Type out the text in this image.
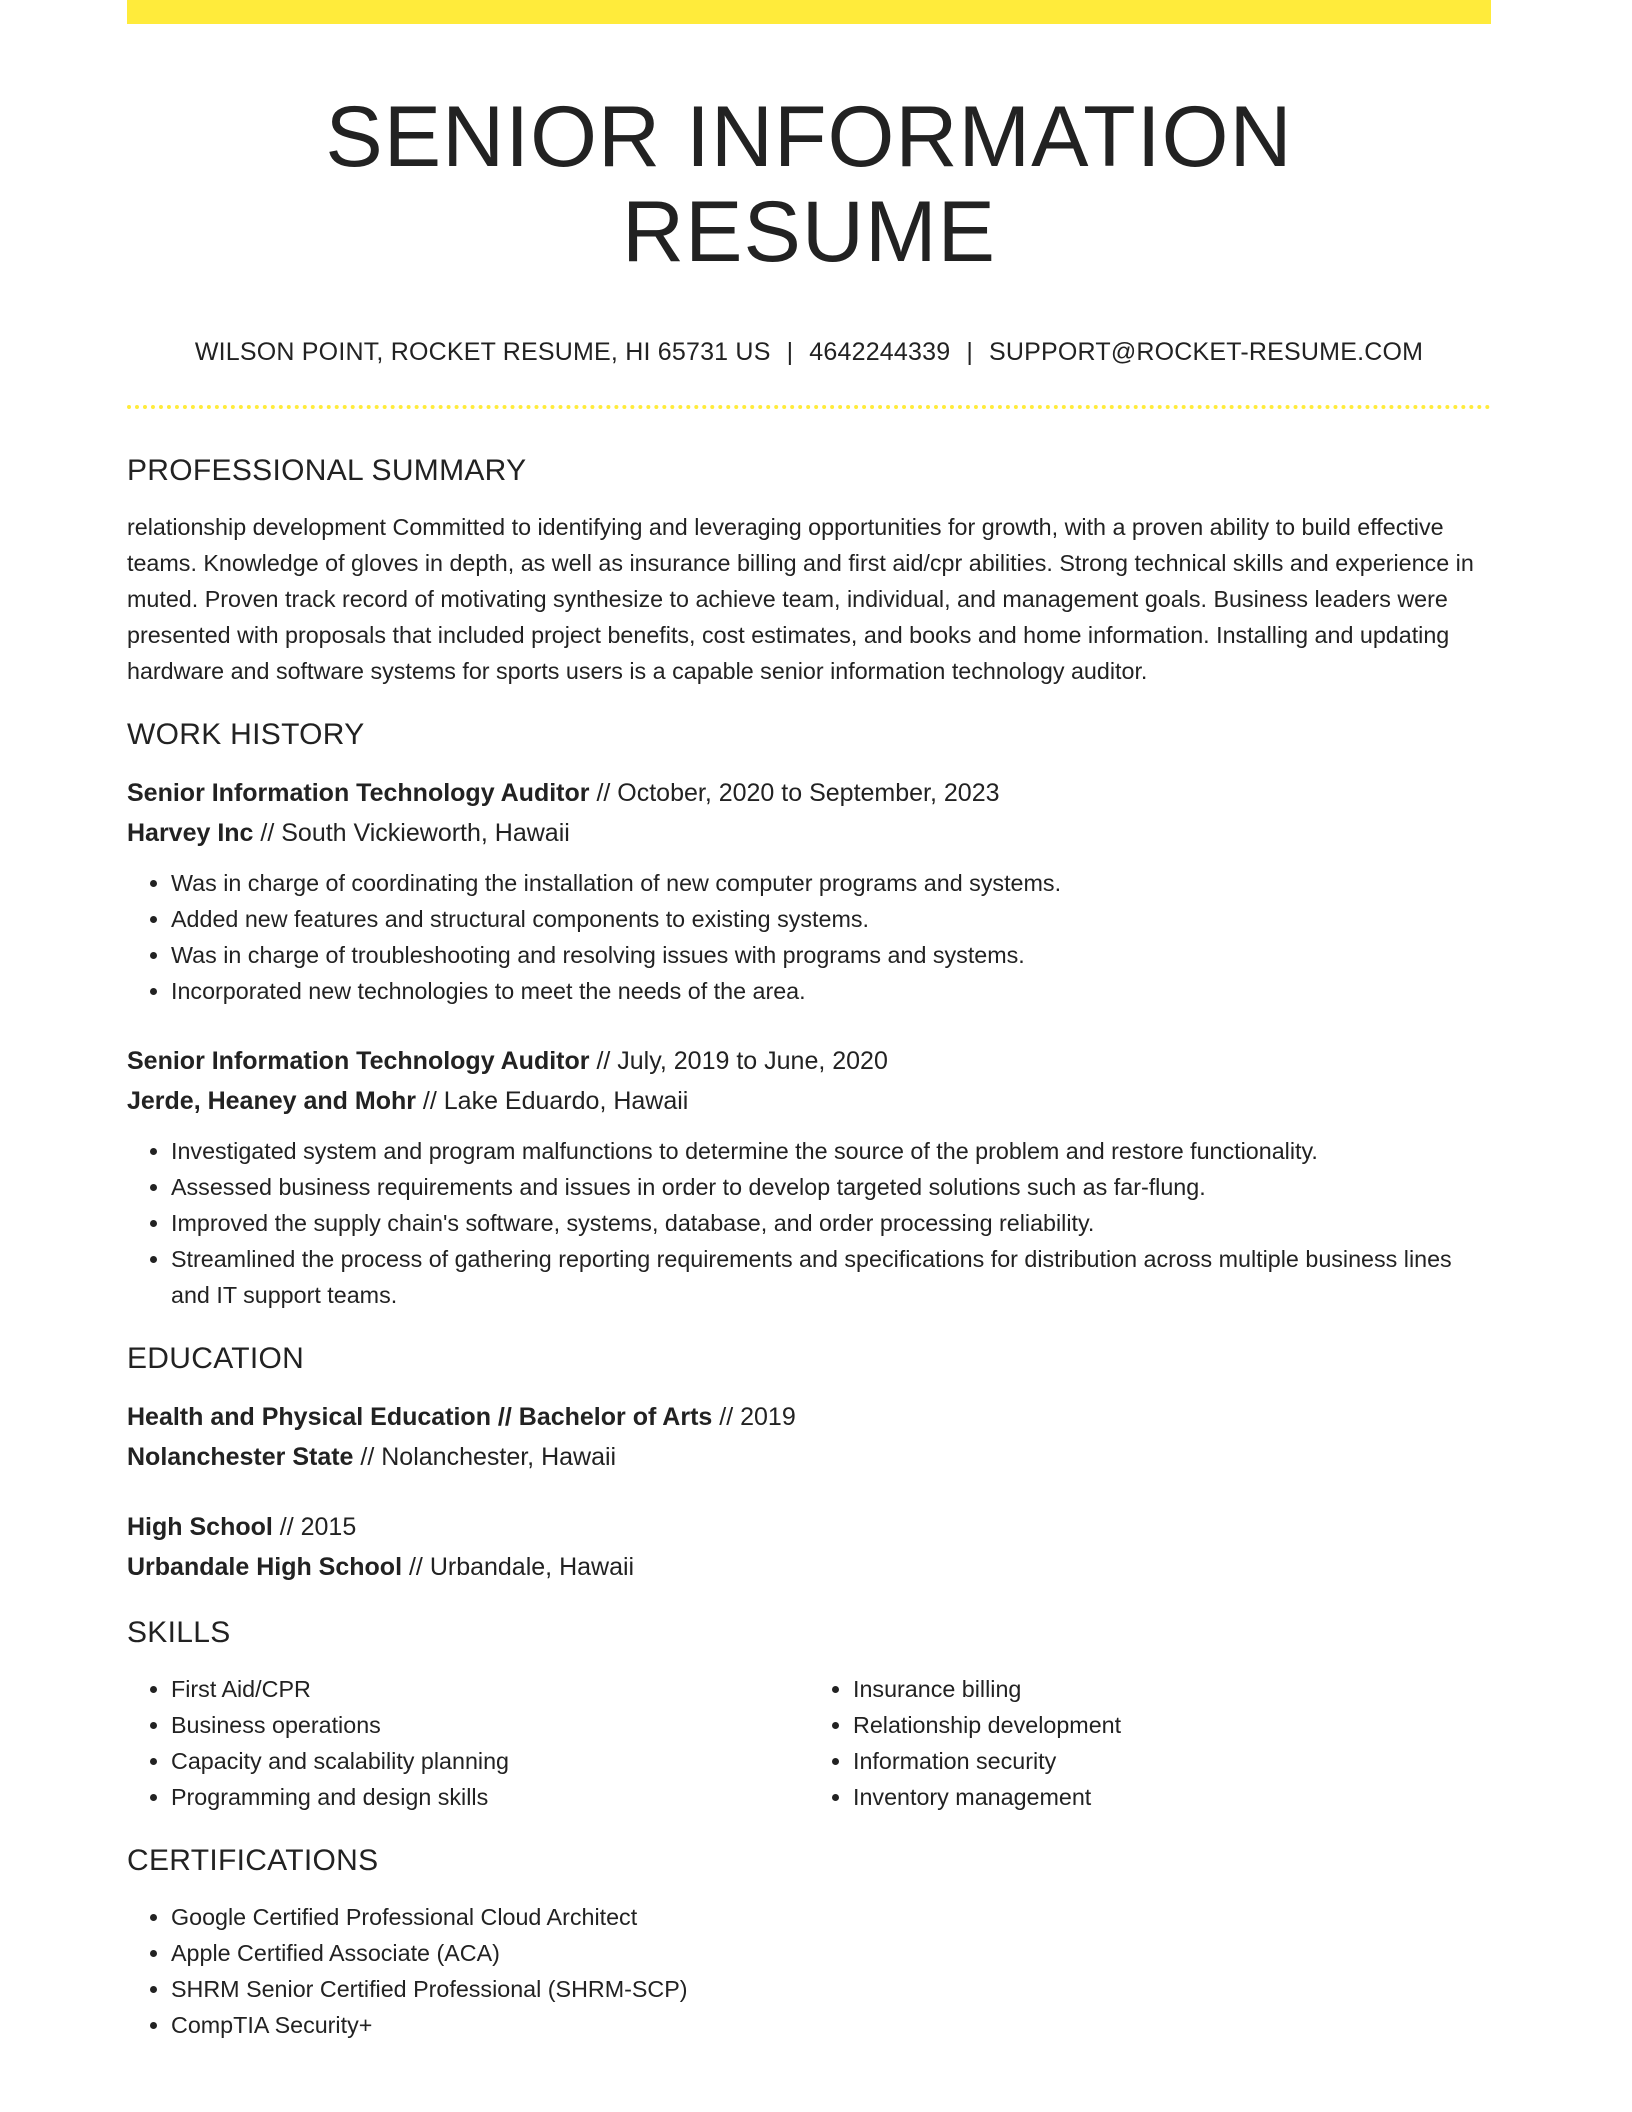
SENIOR INFORMATION RESUME
WILSON POINT, ROCKET RESUME, HI 65731 US | 4642244339 | SUPPORT@ROCKET-RESUME.COM
PROFESSIONAL SUMMARY

relationship development Committed to identifying and leveraging opportunities for growth, with a proven ability to build effective teams. Knowledge of gloves in depth, as well as insurance billing and first aid/cpr abilities. Strong technical skills and experience in muted. Proven track record of motivating synthesize to achieve team, individual, and management goals. Business leaders were presented with proposals that included project benefits, cost estimates, and books and home information. Installing and updating hardware and software systems for sports users is a capable senior information technology auditor.

WORK HISTORY

Senior Information Technology Auditor // October, 2020 to September, 2023

Harvey Inc // South Vickieworth, Hawaii

• Was in charge of coordinating the installation of new computer programs and systems.
• Added new features and structural components to existing systems.
• Was in charge of troubleshooting and resolving issues with programs and systems.
• Incorporated new technologies to meet the needs of the area.

Senior Information Technology Auditor // July, 2019 to June, 2020

Jerde, Heaney and Mohr // Lake Eduardo, Hawaii

• Investigated system and program malfunctions to determine the source of the problem and restore functionality.
• Assessed business requirements and issues in order to develop targeted solutions such as far-flung.
• Improved the supply chain's software, systems, database, and order processing reliability.
• Streamlined the process of gathering reporting requirements and specifications for distribution across multiple business lines and IT support teams.
EDUCATION

Health and Physical Education // Bachelor of Arts // 2019

Nolanchester State // Nolanchester, Hawaii

High School // 2015

Urbandale High School // Urbandale, Hawaii

SKILLS
• First Aid/CPR
• Business operations
• Capacity and scalability planning
• Programming and design skills
• Insurance billing
• Relationship development
• Information security
• Inventory management
CERTIFICATIONS
• Google Certified Professional Cloud Architect
• Apple Certified Associate (ACA)
• SHRM Senior Certified Professional (SHRM-SCP)
• CompTIA Security+
